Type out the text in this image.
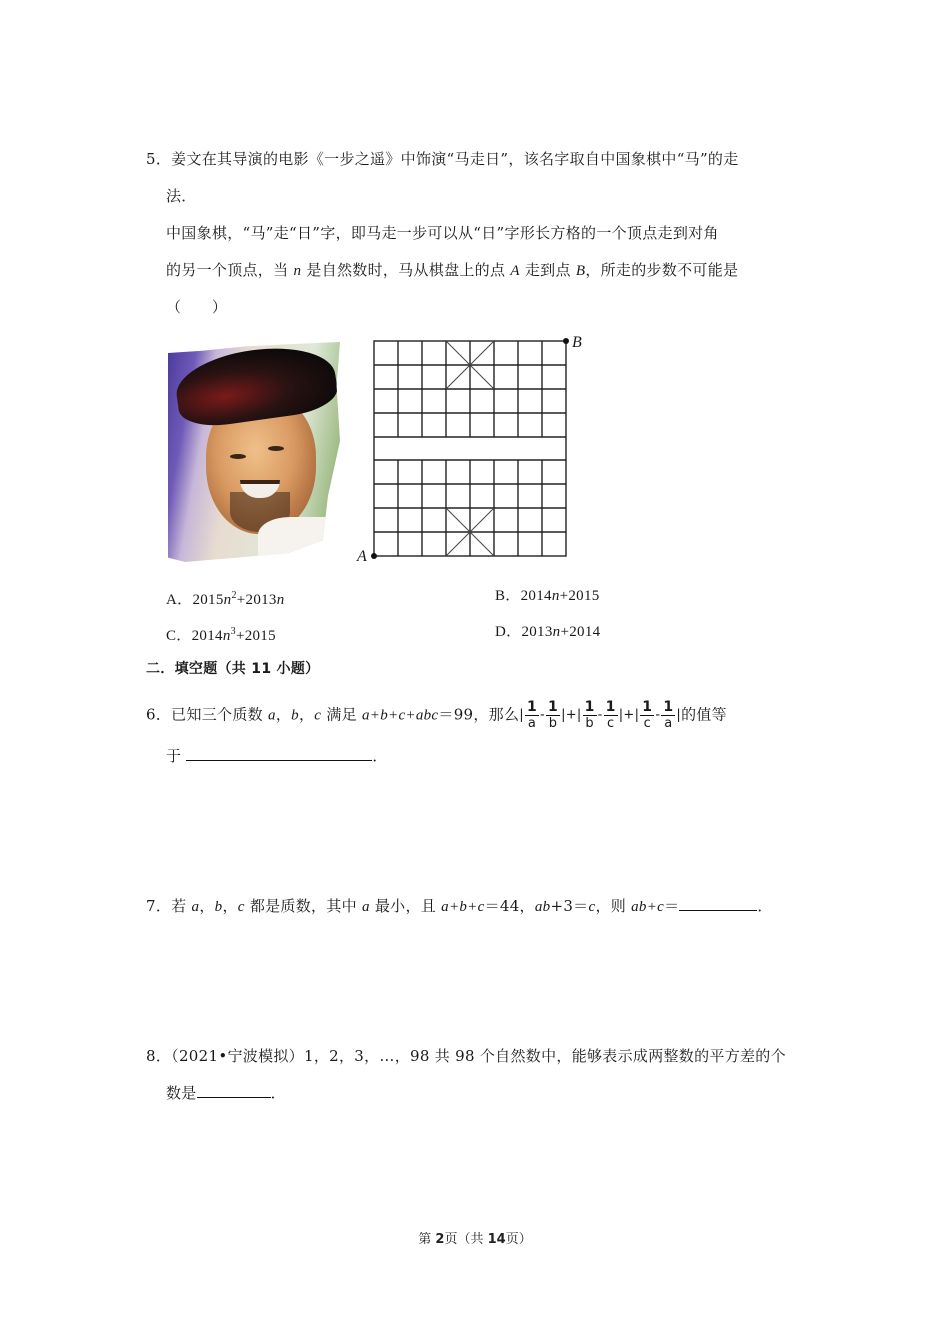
5．姜文在其导演的电影《一步之遥》中饰演“马走日”，该名字取自中国象棋中“马”的走
法．
中国象棋，“马”走“日”字，即马走一步可以从“日”字形长方格的一个顶点走到对角
的另一个顶点，当 n 是自然数时，马从棋盘上的点 A 走到点 B，所走的步数不可能是
（　　）
B
A
A．$2015n^2+2013n$	B．2014n+2015
C．$2014n^3+2015$	D．2013n+2014
二．填空题（共 11 小题）
6．已知三个质数 a，b，c 满足 a+b+c+abc＝99，那么| $\frac{1}{a} - \frac{1}{b}$ |+| $\frac{1}{b} - \frac{1}{c}$ |+| $\frac{1}{c} - \frac{1}{a}$ |的值等
于	．
7．若 a，b，c 都是质数，其中 a 最小，且 a+b+c＝44，ab+3＝c，则 ab+c＝	．
8．（2021•宁波模拟）1，2，3，…，98 共 98 个自然数中，能够表示成两整数的平方差的个
数是	．
第 2页（共 14页）
